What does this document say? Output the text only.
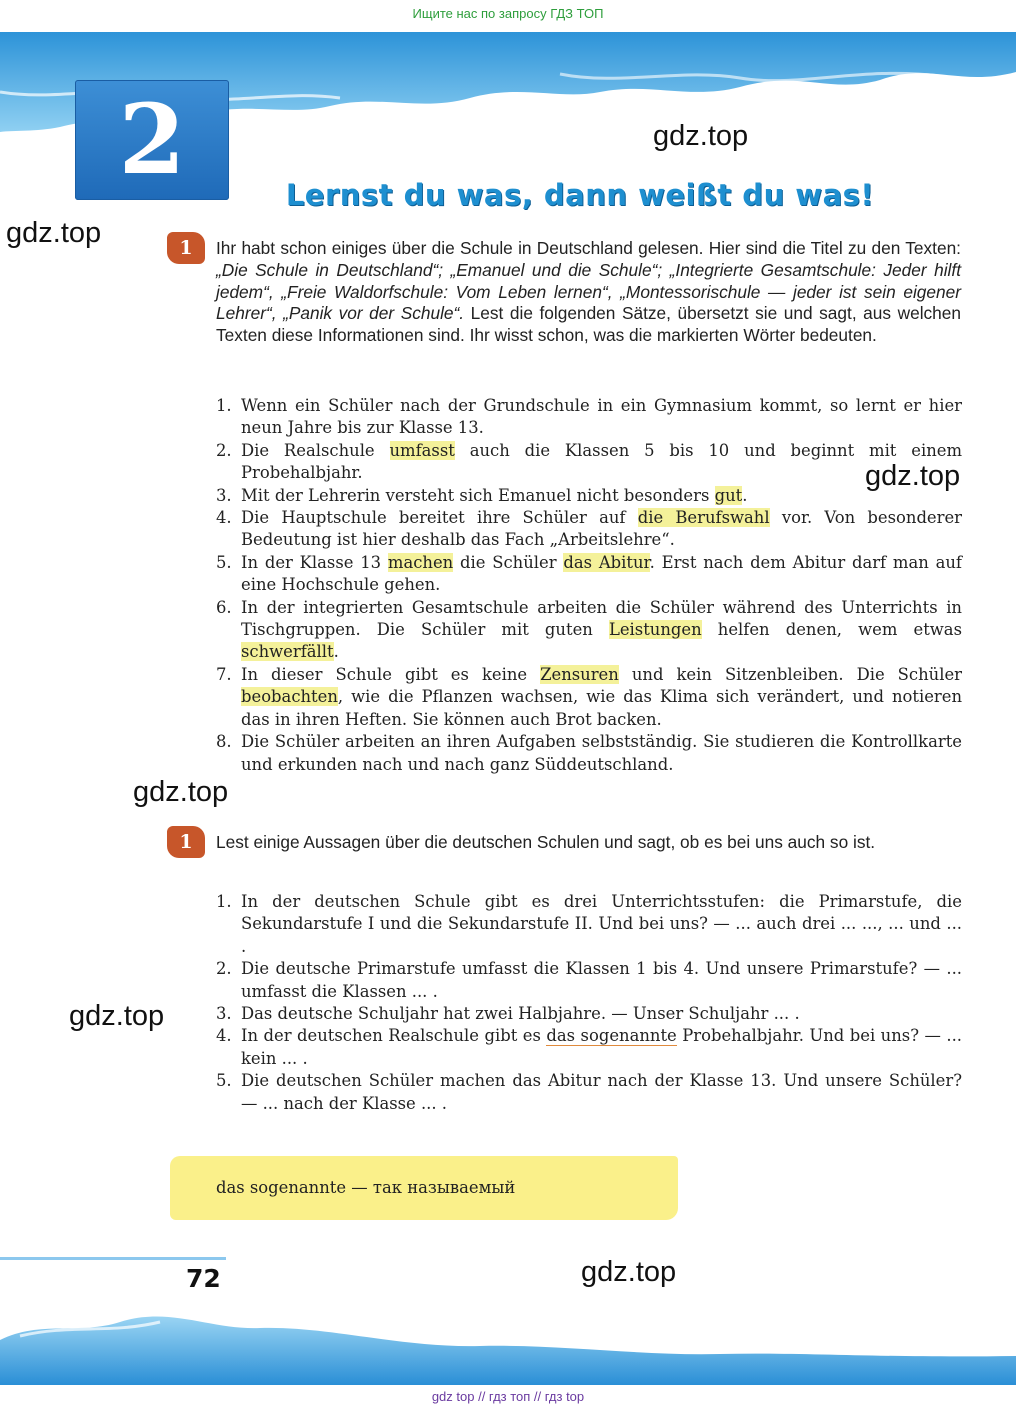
Ищите нас по запросу ГДЗ ТОП
2	gdz.top
Lernst du was, dann weißt du was!
gdz.top	1	Ihr habt schon einiges über die Schule in Deutschland gelesen. Hier sind die Titel zu den Texten: „Die Schule in Deutschland“; „Emanuel und die Schule“; „Integrierte Gesamtschule: Jeder hilft jedem“, „Freie Waldorfschule: Vom Leben lernen“, „Montessorischule — jeder ist sein eigener Lehrer“, „Panik vor der Schule“. Lest die folgenden Sätze, übersetzt sie und sagt, aus welchen Texten diese Informationen sind. Ihr wisst schon, was die markierten Wörter bedeuten.
1. Wenn ein Schüler nach der Grundschule in ein Gymnasium kommt, so lernt er hier neun Jahre bis zur Klasse 13.
2. Die Realschule umfasst auch die Klassen 5 bis 10 und beginnt mit einem Probehalbjahr.
3. Mit der Lehrerin versteht sich Emanuel nicht besonders gut.
4. Die Hauptschule bereitet ihre Schüler auf die Berufswahl vor. Von besonderer Bedeutung ist hier deshalb das Fach „Arbeitslehre“.
5. In der Klasse 13 machen die Schüler das Abitur. Erst nach dem Abitur darf man auf eine Hochschule gehen.
6. In der integrierten Gesamtschule arbeiten die Schüler während des Unterrichts in Tischgruppen. Die Schüler mit guten Leistungen helfen denen, wem etwas schwerfällt.
7. In dieser Schule gibt es keine Zensuren und kein Sitzenbleiben. Die Schüler beobachten, wie die Pflanzen wachsen, wie das Klima sich verändert, und notieren das in ihren Heften. Sie können auch Brot backen.
8. Die Schüler arbeiten an ihren Aufgaben selbstständig. Sie studieren die Kontrollkarte und erkunden nach und nach ganz Süddeutschland.
gdz.top
gdz.top
1	Lest einige Aussagen über die deutschen Schulen und sagt, ob es bei uns auch so ist.
1. In der deutschen Schule gibt es drei Unterrichtsstufen: die Primarstufe, die Sekundarstufe I und die Sekundarstufe II. Und bei uns? — ... auch drei ... ..., ... und ... .
2. Die deutsche Primarstufe umfasst die Klassen 1 bis 4. Und unsere Primarstufe? — ... umfasst die Klassen ... .
3. Das deutsche Schuljahr hat zwei Halbjahre. — Unser Schuljahr ... .
4. In der deutschen Realschule gibt es das sogenannte Probehalbjahr. Und bei uns? — ... kein ... .
5. Die deutschen Schüler machen das Abitur nach der Klasse 13. Und unsere Schüler? — ... nach der Klasse ... .
gdz.top
das sogenannte — так называемый
72	gdz.top
gdz top // гдз топ // гдз top
